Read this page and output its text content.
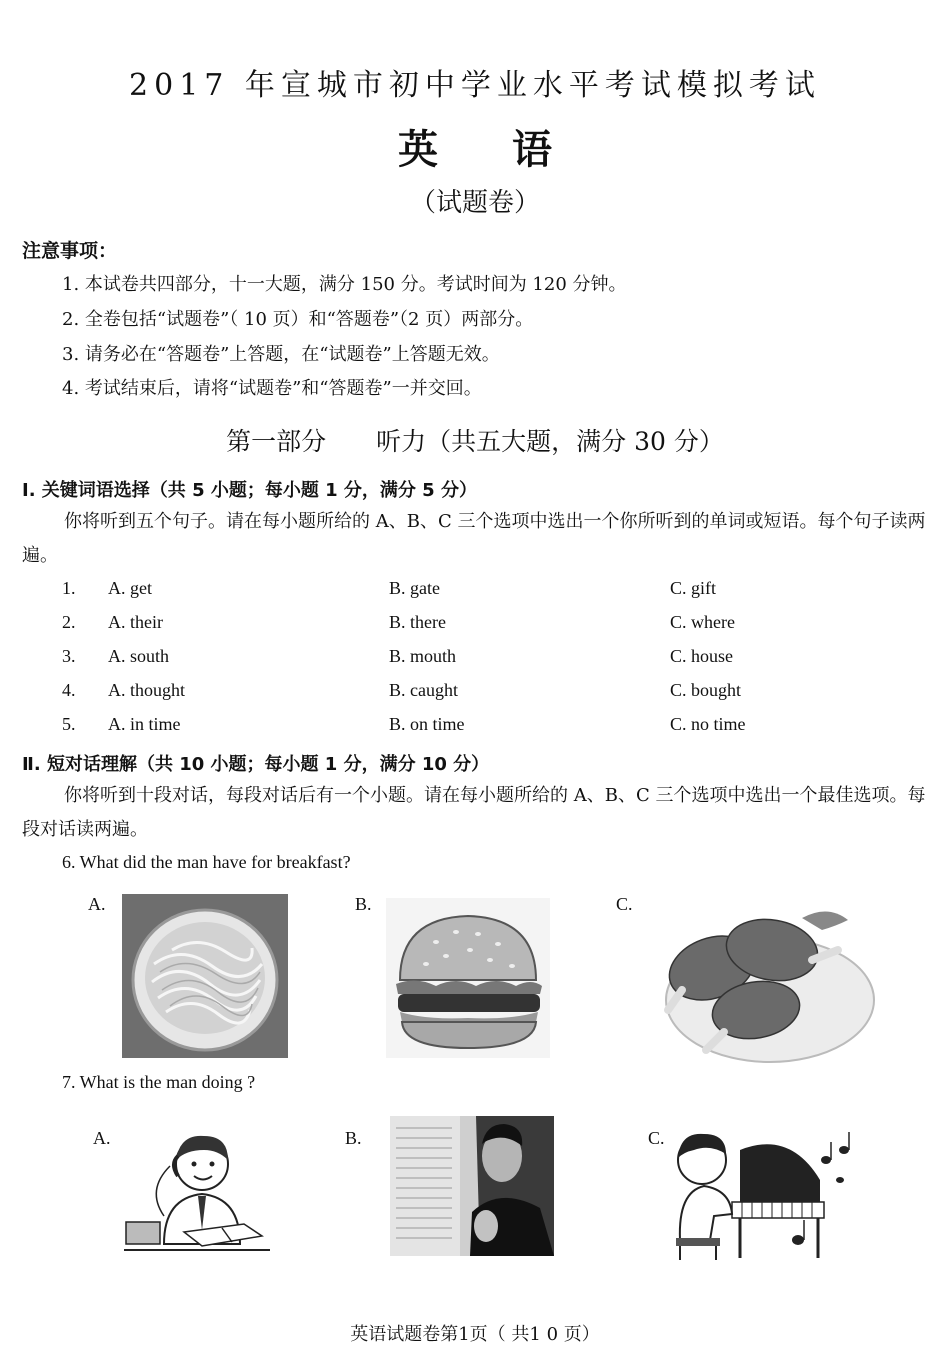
2017 年宣城市初中学业水平考试模拟考试
英 语
（试题卷）
注意事项：
1. 本试卷共四部分，十一大题，满分 150 分。考试时间为 120 分钟。
2. 全卷包括“试题卷”（ 10 页）和“答题卷”（2 页）两部分。
3. 请务必在“答题卷”上答题，在“试题卷”上答题无效。
4. 考试结束后，请将“试题卷”和“答题卷”一并交回。
第一部分　　听力（共五大题，满分 30 分）
Ⅰ. 关键词语选择（共 5 小题；每小题 1 分，满分 5 分）
你将听到五个句子。请在每小题所给的 A、B、C 三个选项中选出一个你所听到的单词或短语。每个句子读两遍。
1. A. get	B. gate	C. gift
2. A. their	B. there	C. where
3. A. south	B. mouth	C. house
4. A. thought	B. caught	C. bought
5. A. in time	B. on time	C. no time
Ⅱ. 短对话理解（共 10 小题；每小题 1 分，满分 10 分）
你将听到十段对话，每段对话后有一个小题。请在每小题所给的 A、B、C 三个选项中选出一个最佳选项。每段对话读两遍。
6. What did the man have for breakfast?
A.	B.	C.
7. What is the man doing ?
A.	B.	C.
英语试题卷第1页（ 共1 0 页）
